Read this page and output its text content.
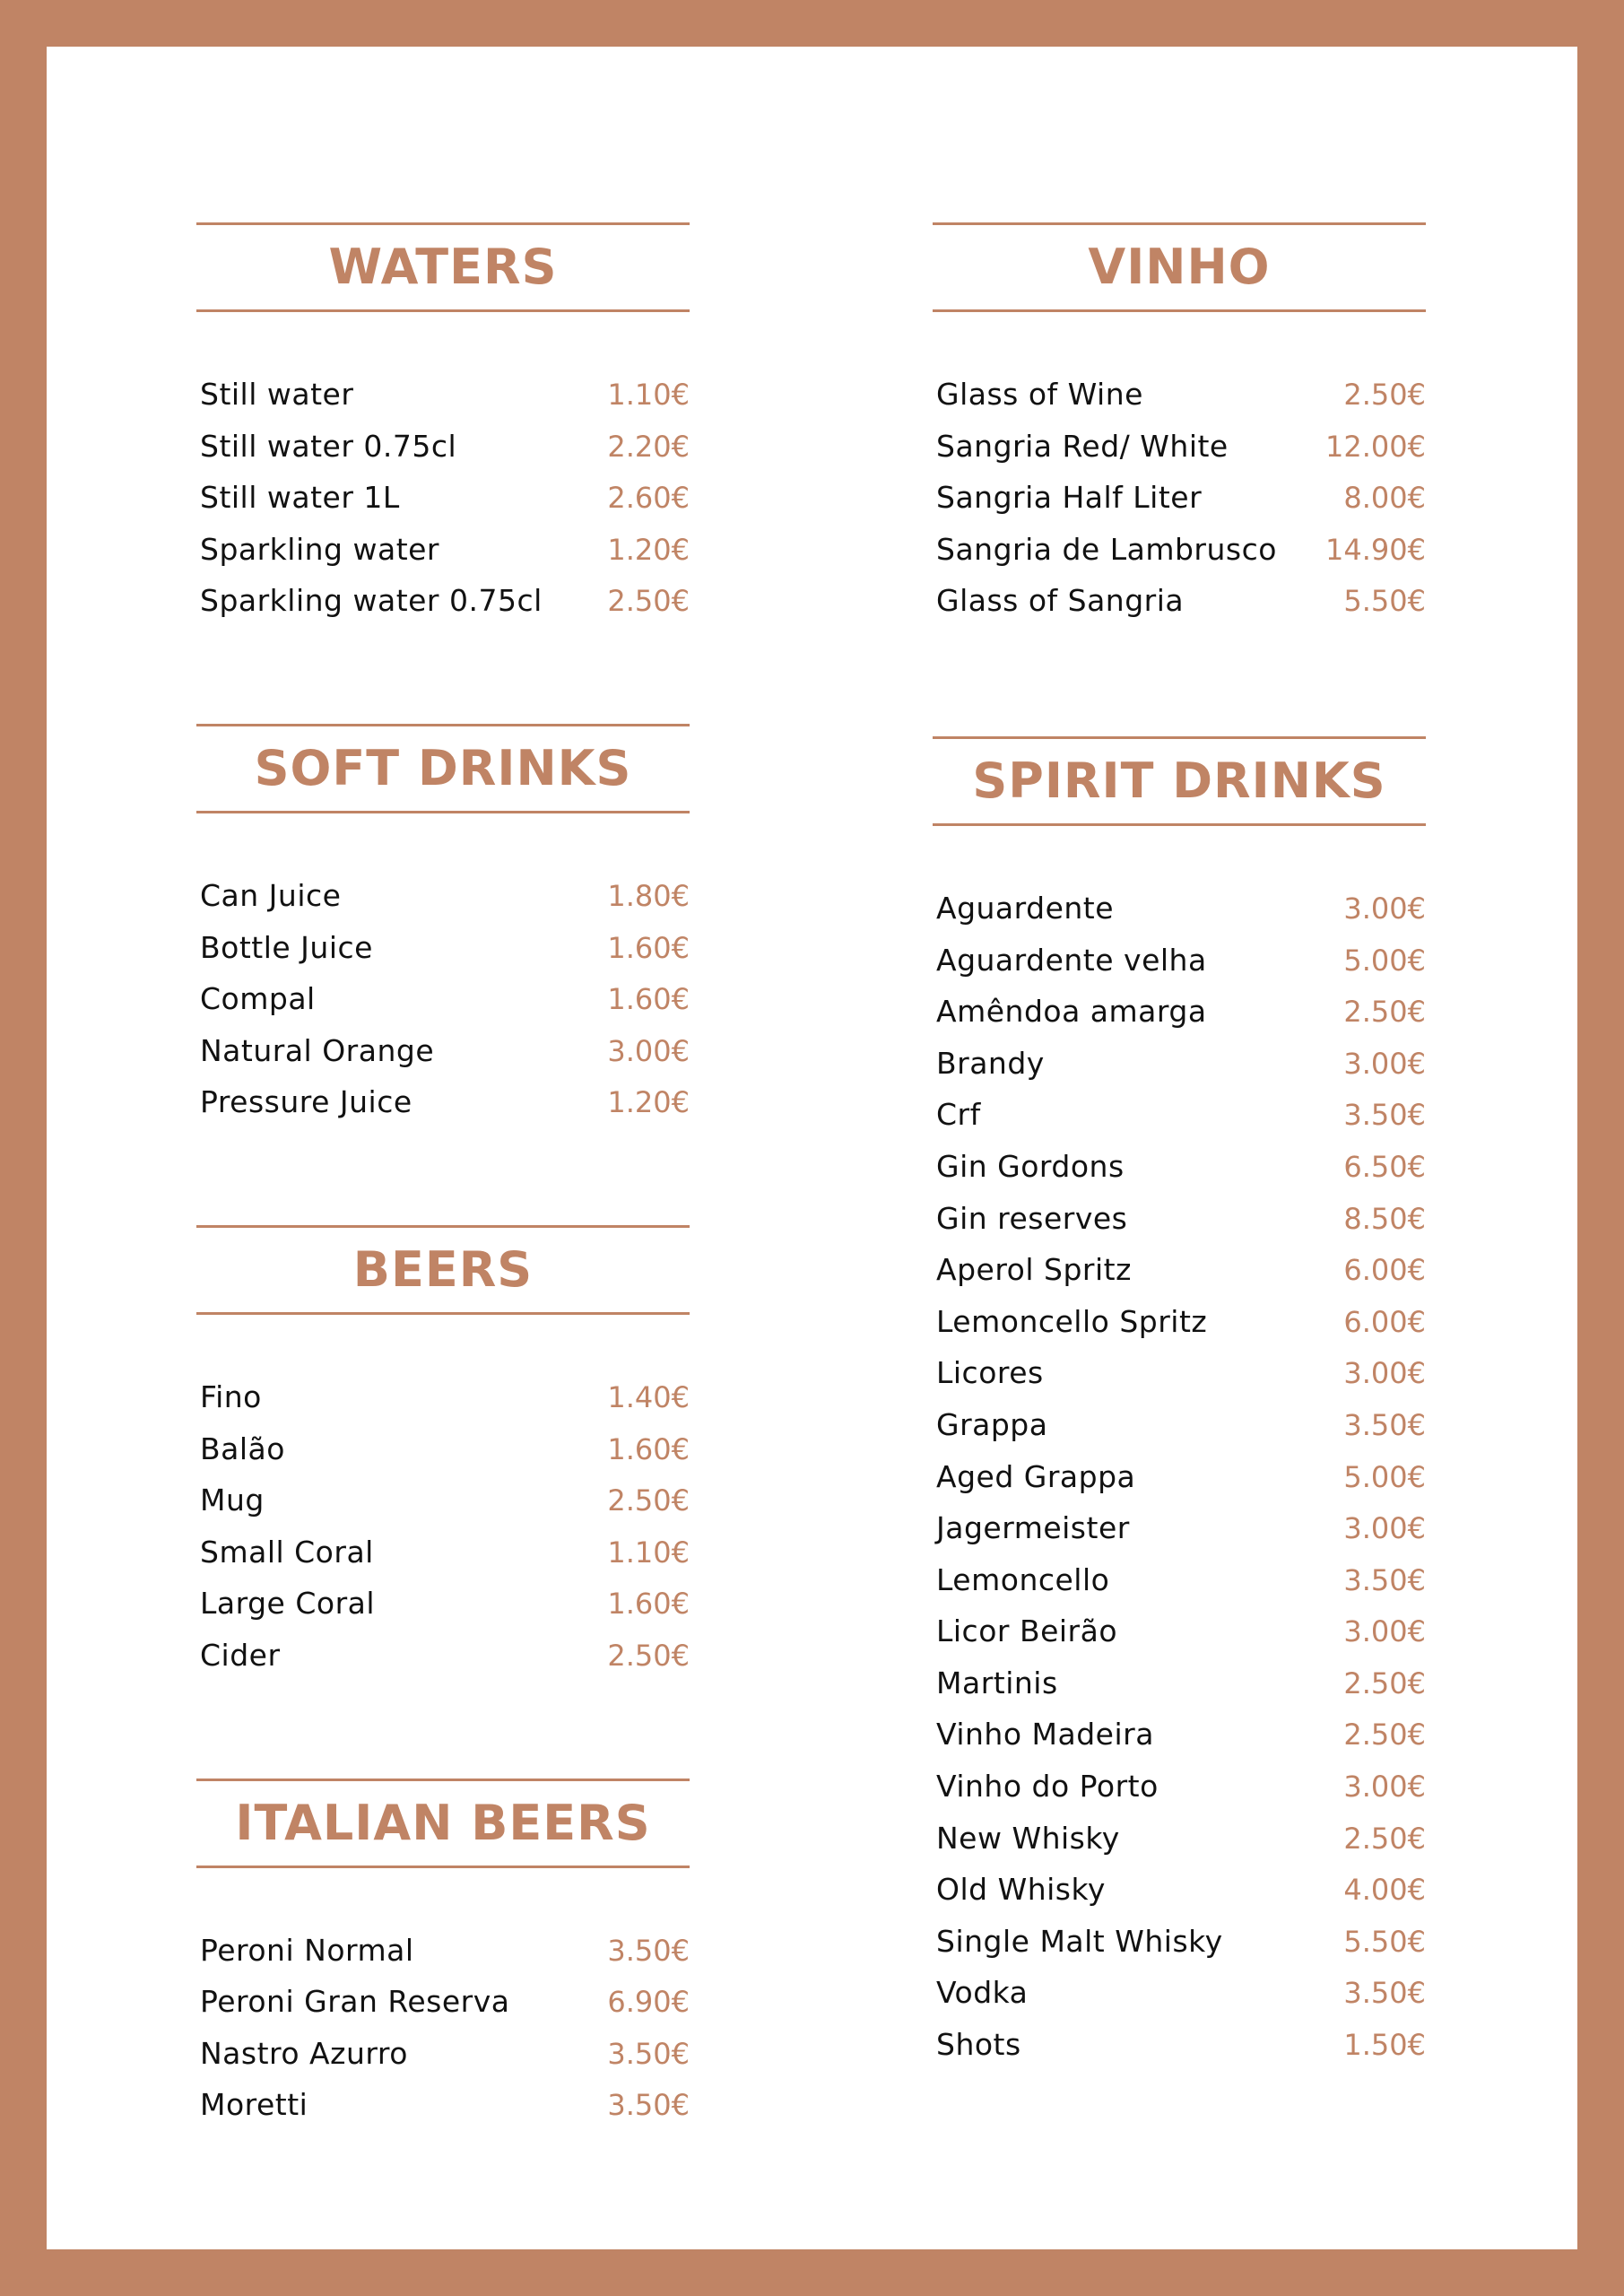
WATERS
Still water	1.10€
Still water 0.75cl	2.20€
Still water 1L	2.60€
Sparkling water	1.20€
Sparkling water 0.75cl 2.50€
SOFT DRINKS
Can Juice	1.80€
Bottle Juice	1.60€
Compal	1.60€
Natural Orange	3.00€
Pressure Juice	1.20€
BEERS
Fino	1.40€
Balão	1.60€
Mug	2.50€
Small Coral	1.10€
Large Coral	1.60€
Cider	2.50€
ITALIAN BEERS
Peroni Normal	3.50€
Peroni Gran Reserva	6.90€
Nastro Azurro	3.50€
Moretti	3.50€
VINHO
Glass of Wine	2.50€
Sangria Red/ White	12.00€
Sangria Half Liter	8.00€
Sangria de Lambrusco 14.90€
Glass of Sangria	5.50€
SPIRIT DRINKS
Aguardente	3.00€
Aguardente velha	5.00€
Amêndoa amarga	2.50€
Brandy	3.00€
Crf	3.50€
Gin Gordons	6.50€
Gin reserves	8.50€
Aperol Spritz	6.00€
Lemoncello Spritz	6.00€
Licores	3.00€
Grappa	3.50€
Aged Grappa	5.00€
Jagermeister	3.00€
Lemoncello	3.50€
Licor Beirão	3.00€
Martinis	2.50€
Vinho Madeira	2.50€
Vinho do Porto	3.00€
New Whisky	2.50€
Old Whisky	4.00€
Single Malt Whisky	5.50€
Vodka	3.50€
Shots	1.50€
